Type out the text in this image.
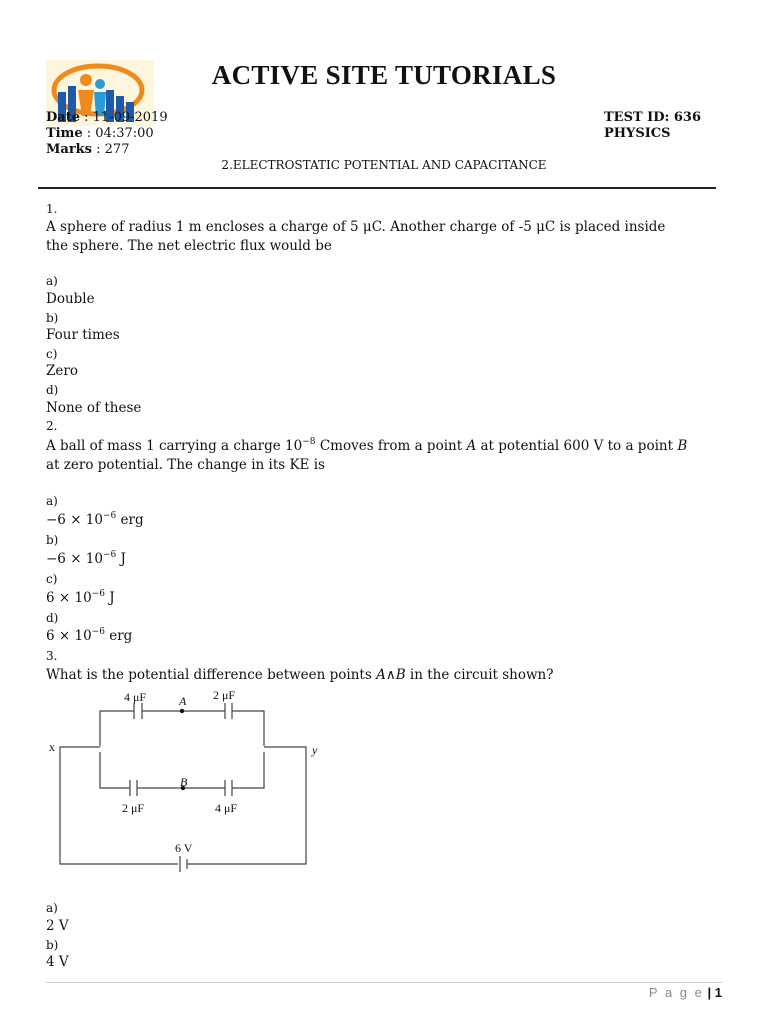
ACTIVE SITE TUTORIALS
Date : 11-09-2019
Time : 04:37:00
Marks : 277
TEST ID: 636
PHYSICS
2.ELECTROSTATIC POTENTIAL AND CAPACITANCE
1.
A sphere of radius 1 m encloses a charge of 5 μC. Another charge of -5 μC is placed inside
the sphere. The net electric flux would be
a)
Double
b)
Four times
c)
Zero
d)
None of these
2.
A ball of mass 1 carrying a charge $10^{-8}$ Cmoves from a point A at potential 600 V to a point B
at zero potential. The change in its KE is
a)
$-6 \times 10^{-6}$ erg
b)
$-6 \times 10^{-6}$ J
c)
$6 \times 10^{-6}$ J
d)
$6 \times 10^{-6}$ erg
3.
What is the potential difference between points A∧B in the circuit shown?
4 μF	2 μF
A
2 μF	4 μF
B
x	y
6 V
a)
2 V
b)
4 V
P a g e | 1
